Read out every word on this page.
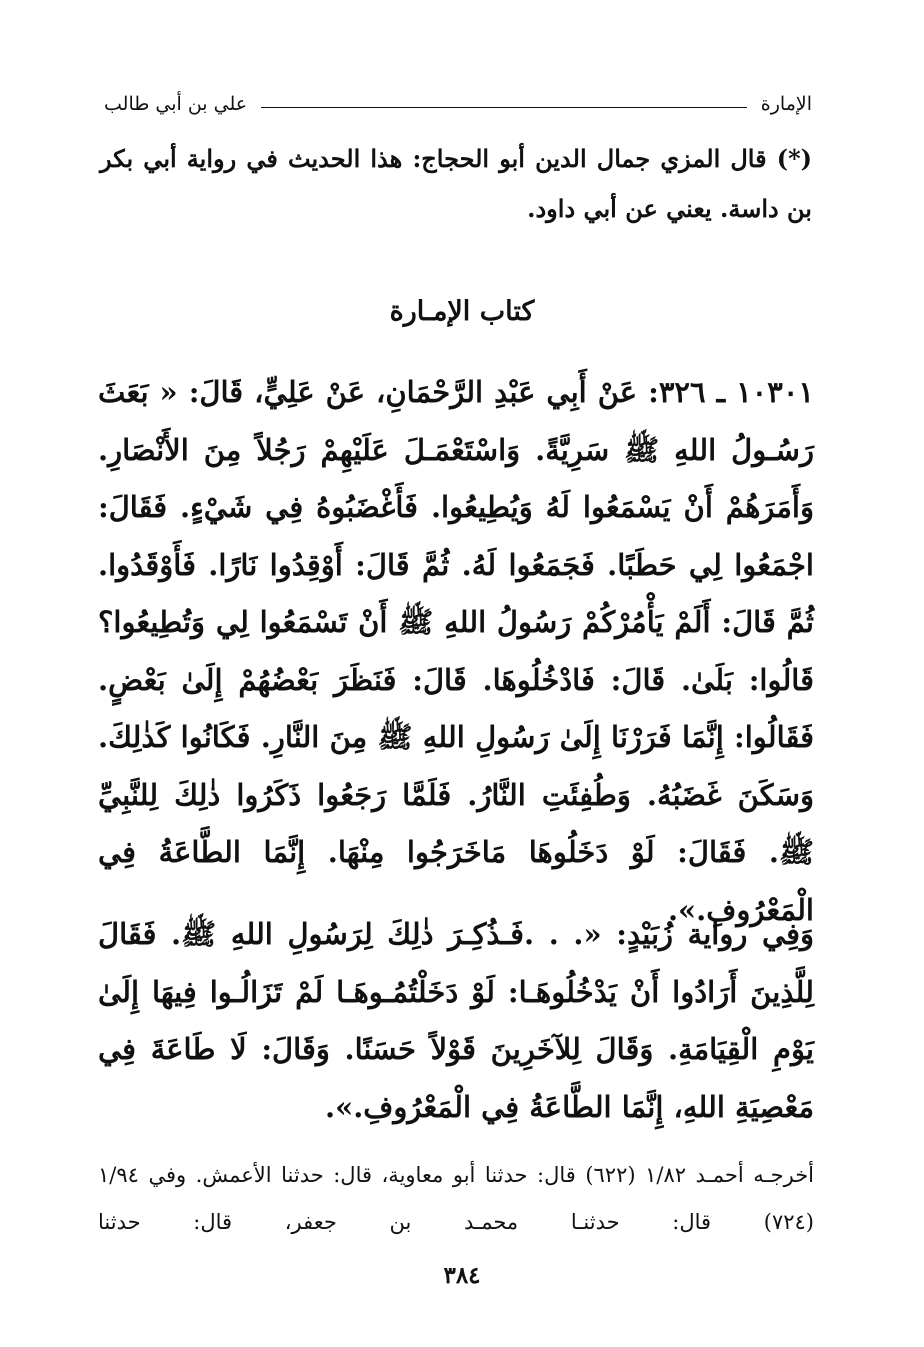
الإمارة
علي بن أبي طالب
(*) قال المزي جمال الدين أبو الحجاج: هذا الحديث في رواية أبي بكر بن داسة. يعني عن أبي داود.
كتاب الإمـارة
١٠٣٠١ ـ ٣٢٦: عَنْ أَبِي عَبْدِ الرَّحْمَانِ، عَنْ عَلِيٍّ، قَالَ: « بَعَثَ رَسُـولُ اللهِ ﷺ سَرِيَّةً. وَاسْتَعْمَـلَ عَلَيْهِمْ رَجُلاً مِنَ الأَنْصَارِ. وَأَمَرَهُمْ أَنْ يَسْمَعُوا لَهُ وَيُطِيعُوا. فَأَغْضَبُوهُ فِي شَيْءٍ. فَقَالَ: اجْمَعُوا لِي حَطَبًا. فَجَمَعُوا لَهُ. ثُمَّ قَالَ: أَوْقِدُوا نَارًا. فَأَوْقَدُوا. ثُمَّ قَالَ: أَلَمْ يَأْمُرْكُمْ رَسُولُ اللهِ ﷺ أَنْ تَسْمَعُوا لِي وَتُطِيعُوا؟ قَالُوا: بَلَىٰ. قَالَ: فَادْخُلُوهَا. قَالَ: فَنَظَرَ بَعْضُهُمْ إِلَىٰ بَعْضٍ. فَقَالُوا: إِنَّمَا فَرَرْنَا إِلَىٰ رَسُولِ اللهِ ﷺ مِنَ النَّارِ. فَكَانُوا كَذٰلِكَ. وَسَكَنَ غَضَبُهُ. وَطُفِئَتِ النَّارُ. فَلَمَّا رَجَعُوا ذَكَرُوا ذٰلِكَ لِلنَّبِيِّ ﷺ. فَقَالَ: لَوْ دَخَلُوهَا مَاخَرَجُوا مِنْهَا. إِنَّمَا الطَّاعَةُ فِي الْمَعْرُوفِ.».
وَفِي رواية زُبَيْدٍ: «. . .فَـذُكِـرَ ذٰلِكَ لِرَسُولِ اللهِ ﷺ. فَقَالَ لِلَّذِينَ أَرَادُوا أَنْ يَدْخُلُوهَـا: لَوْ دَخَلْتُمُـوهَـا لَمْ تَزَالُـوا فِيهَا إِلَىٰ يَوْمِ الْقِيَامَةِ. وَقَالَ لِلآخَرِينَ قَوْلاً حَسَنًا. وَقَالَ: لَا طَاعَةَ فِي مَعْصِيَةِ اللهِ، إِنَّمَا الطَّاعَةُ فِي الْمَعْرُوفِ.».
أخرجـه أحمـد ١/٨٢ (٦٢٢) قال: حدثنا أبو معاوية، قال: حدثنا الأعمش. وفي ١/٩٤ (٧٢٤) قال: حدثنـا محمـد بن جعفر، قال: حدثنا
٣٨٤
